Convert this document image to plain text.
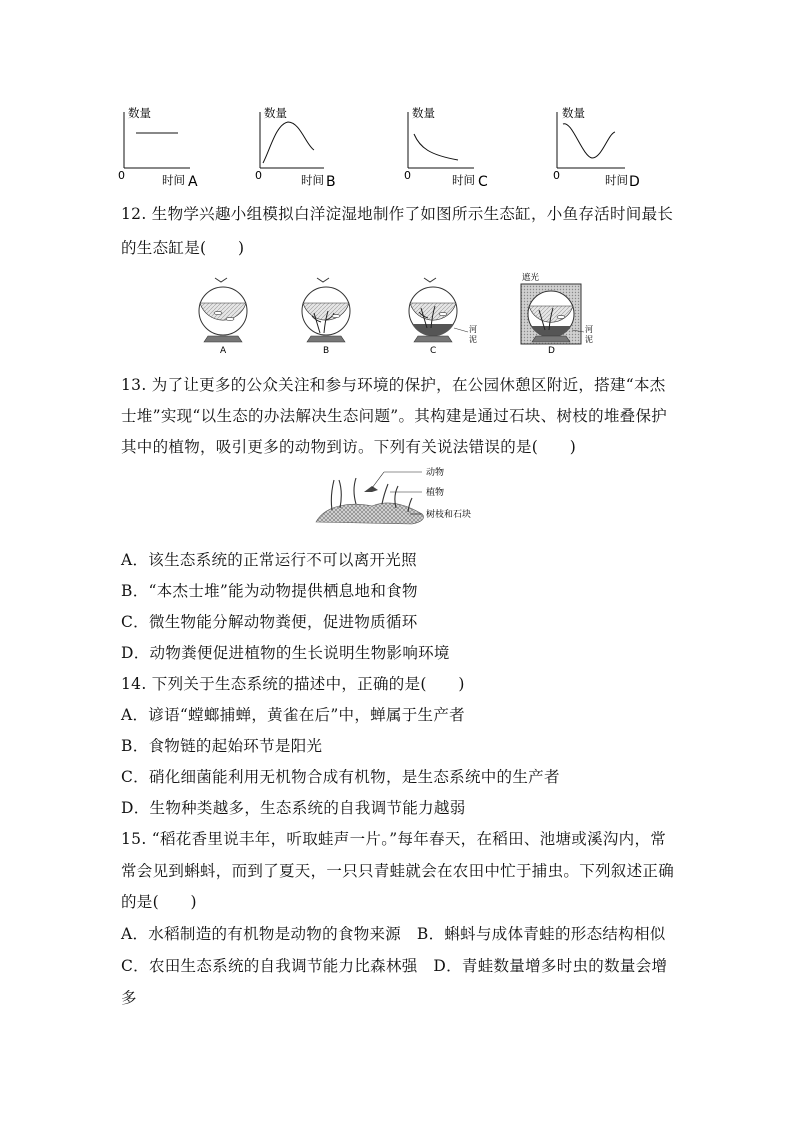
数量
0	时间 A
数量
0	时间 B
数量
0	时间 C
数量
0	时间 D
12. 生物学兴趣小组模拟白洋淀湿地制作了如图所示生态缸，小鱼存活时间最长
的生态缸是(　　)
A	B
河
泥
C
遮光
河
泥
D
13. 为了让更多的公众关注和参与环境的保护，在公园休憩区附近，搭建“本杰
士堆”实现“以生态的办法解决生态问题”。其构建是通过石块、树枝的堆叠保护
其中的植物，吸引更多的动物到访。下列有关说法错误的是(　　)
动物
植物
树枝和石块
A．该生态系统的正常运行不可以离开光照
B．“本杰士堆”能为动物提供栖息地和食物
C．微生物能分解动物粪便，促进物质循环
D．动物粪便促进植物的生长说明生物影响环境
14. 下列关于生态系统的描述中，正确的是(　　)
A．谚语“螳螂捕蝉，黄雀在后”中，蝉属于生产者
B．食物链的起始环节是阳光
C．硝化细菌能利用无机物合成有机物，是生态系统中的生产者
D．生物种类越多，生态系统的自我调节能力越弱
15. “稻花香里说丰年，听取蛙声一片。”每年春天，在稻田、池塘或溪沟内，常
常会见到蝌蚪，而到了夏天，一只只青蛙就会在农田中忙于捕虫。下列叙述正确
的是(　　)
A．水稻制造的有机物是动物的食物来源　B．蝌蚪与成体青蛙的形态结构相似
C．农田生态系统的自我调节能力比森林强　D．青蛙数量增多时虫的数量会增
多
